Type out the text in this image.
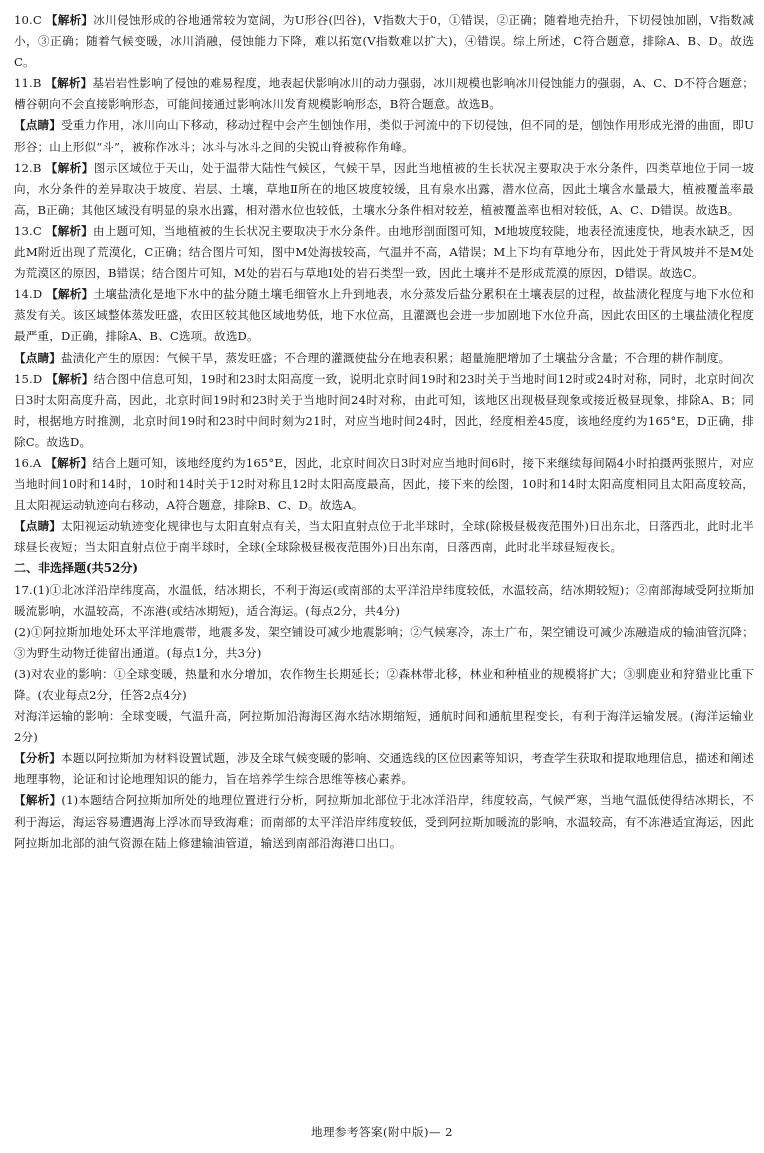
10.C 【解析】冰川侵蚀形成的谷地通常较为宽阔，为U形谷(凹谷)，V指数大于0，①错误，②正确；随着地壳抬升，下切侵蚀加剧，V指数减小，③正确；随着气候变暖，冰川消融，侵蚀能力下降，难以拓宽(V指数难以扩大)，④错误。综上所述，C符合题意，排除A、B、D。故选C。

11.B 【解析】基岩岩性影响了侵蚀的难易程度，地表起伏影响冰川的动力强弱，冰川规模也影响冰川侵蚀能力的强弱，A、C、D不符合题意；槽谷朝向不会直接影响形态，可能间接通过影响冰川发育规模影响形态，B符合题意。故选B。

【点睛】受重力作用，冰川向山下移动，移动过程中会产生刨蚀作用，类似于河流中的下切侵蚀，但不同的是，刨蚀作用形成光滑的曲面，即U形谷；山上形似“斗”，被称作冰斗；冰斗与冰斗之间的尖锐山脊被称作角峰。

12.B 【解析】图示区域位于天山，处于温带大陆性气候区，气候干旱，因此当地植被的生长状况主要取决于水分条件，四类草地位于同一坡向，水分条件的差异取决于坡度、岩层、土壤，草地Ⅱ所在的地区坡度较缓，且有泉水出露，潜水位高，因此土壤含水量最大，植被覆盖率最高，B正确；其他区域没有明显的泉水出露，相对潜水位也较低，土壤水分条件相对较差，植被覆盖率也相对较低，A、C、D错误。故选B。

13.C 【解析】由上题可知，当地植被的生长状况主要取决于水分条件。由地形剖面图可知，M地坡度较陡，地表径流速度快，地表水缺乏，因此M附近出现了荒漠化，C正确；结合图片可知，图中M处海拔较高，气温并不高，A错误；M上下均有草地分布，因此处于背风坡并不是M处为荒漠区的原因，B错误；结合图片可知，M处的岩石与草地Ⅰ处的岩石类型一致，因此土壤并不是形成荒漠的原因，D错误。故选C。

14.D 【解析】土壤盐渍化是地下水中的盐分随土壤毛细管水上升到地表，水分蒸发后盐分累积在土壤表层的过程，故盐渍化程度与地下水位和蒸发有关。该区域整体蒸发旺盛，农田区较其他区域地势低，地下水位高，且灌溉也会进一步加剧地下水位升高，因此农田区的土壤盐渍化程度最严重，D正确，排除A、B、C选项。故选D。

【点睛】盐渍化产生的原因：气候干旱，蒸发旺盛；不合理的灌溉使盐分在地表积累；超量施肥增加了土壤盐分含量；不合理的耕作制度。

15.D 【解析】结合图中信息可知，19时和23时太阳高度一致，说明北京时间19时和23时关于当地时间12时或24时对称，同时，北京时间次日3时太阳高度升高，因此，北京时间19时和23时关于当地时间24时对称，由此可知，该地区出现极昼现象或接近极昼现象，排除A、B；同时，根据地方时推测，北京时间19时和23时中间时刻为21时，对应当地时间24时，因此，经度相差45度，该地经度约为165°E，D正确，排除C。故选D。

16.A 【解析】结合上题可知，该地经度约为165°E，因此，北京时间次日3时对应当地时间6时，接下来继续每间隔4小时拍摄两张照片，对应当地时间10时和14时，10时和14时关于12时对称且12时太阳高度最高，因此，接下来的绘图，10时和14时太阳高度相同且太阳高度较高，且太阳视运动轨迹向右移动，A符合题意，排除B、C、D。故选A。

【点睛】太阳视运动轨迹变化规律也与太阳直射点有关，当太阳直射点位于北半球时，全球(除极昼极夜范围外)日出东北，日落西北，此时北半球昼长夜短；当太阳直射点位于南半球时，全球(全球除极昼极夜范围外)日出东南，日落西南，此时北半球昼短夜长。

二、非选择题(共52分)

17.(1)①北冰洋沿岸纬度高，水温低，结冰期长，不利于海运(或南部的太平洋沿岸纬度较低，水温较高，结冰期较短)；②南部海域受阿拉斯加暖流影响，水温较高，不冻港(或结冰期短)，适合海运。(每点2分，共4分)

(2)①阿拉斯加地处环太平洋地震带，地震多发，架空铺设可减少地震影响；②气候寒冷，冻土广布，架空铺设可减少冻融造成的输油管沉降；③为野生动物迁徙留出通道。(每点1分，共3分)

(3)对农业的影响：①全球变暖，热量和水分增加，农作物生长期延长；②森林带北移，林业和种植业的规模将扩大；③驯鹿业和狩猎业比重下降。(农业每点2分，任答2点4分)

对海洋运输的影响：全球变暖，气温升高，阿拉斯加沿海海区海水结冰期缩短，通航时间和通航里程变长，有利于海洋运输发展。(海洋运输业2分)

【分析】本题以阿拉斯加为材料设置试题，涉及全球气候变暖的影响、交通选线的区位因素等知识，考查学生获取和提取地理信息，描述和阐述地理事物，论证和讨论地理知识的能力，旨在培养学生综合思维等核心素养。

【解析】(1)本题结合阿拉斯加所处的地理位置进行分析，阿拉斯加北部位于北冰洋沿岸，纬度较高，气候严寒，当地气温低使得结冰期长，不利于海运，海运容易遭遇海上浮冰而导致海难；而南部的太平洋沿岸纬度较低，受到阿拉斯加暖流的影响，水温较高，有不冻港适宜海运，因此阿拉斯加北部的油气资源在陆上修建输油管道，输送到南部沿海港口出口。

地理参考答案(附中版)— 2
